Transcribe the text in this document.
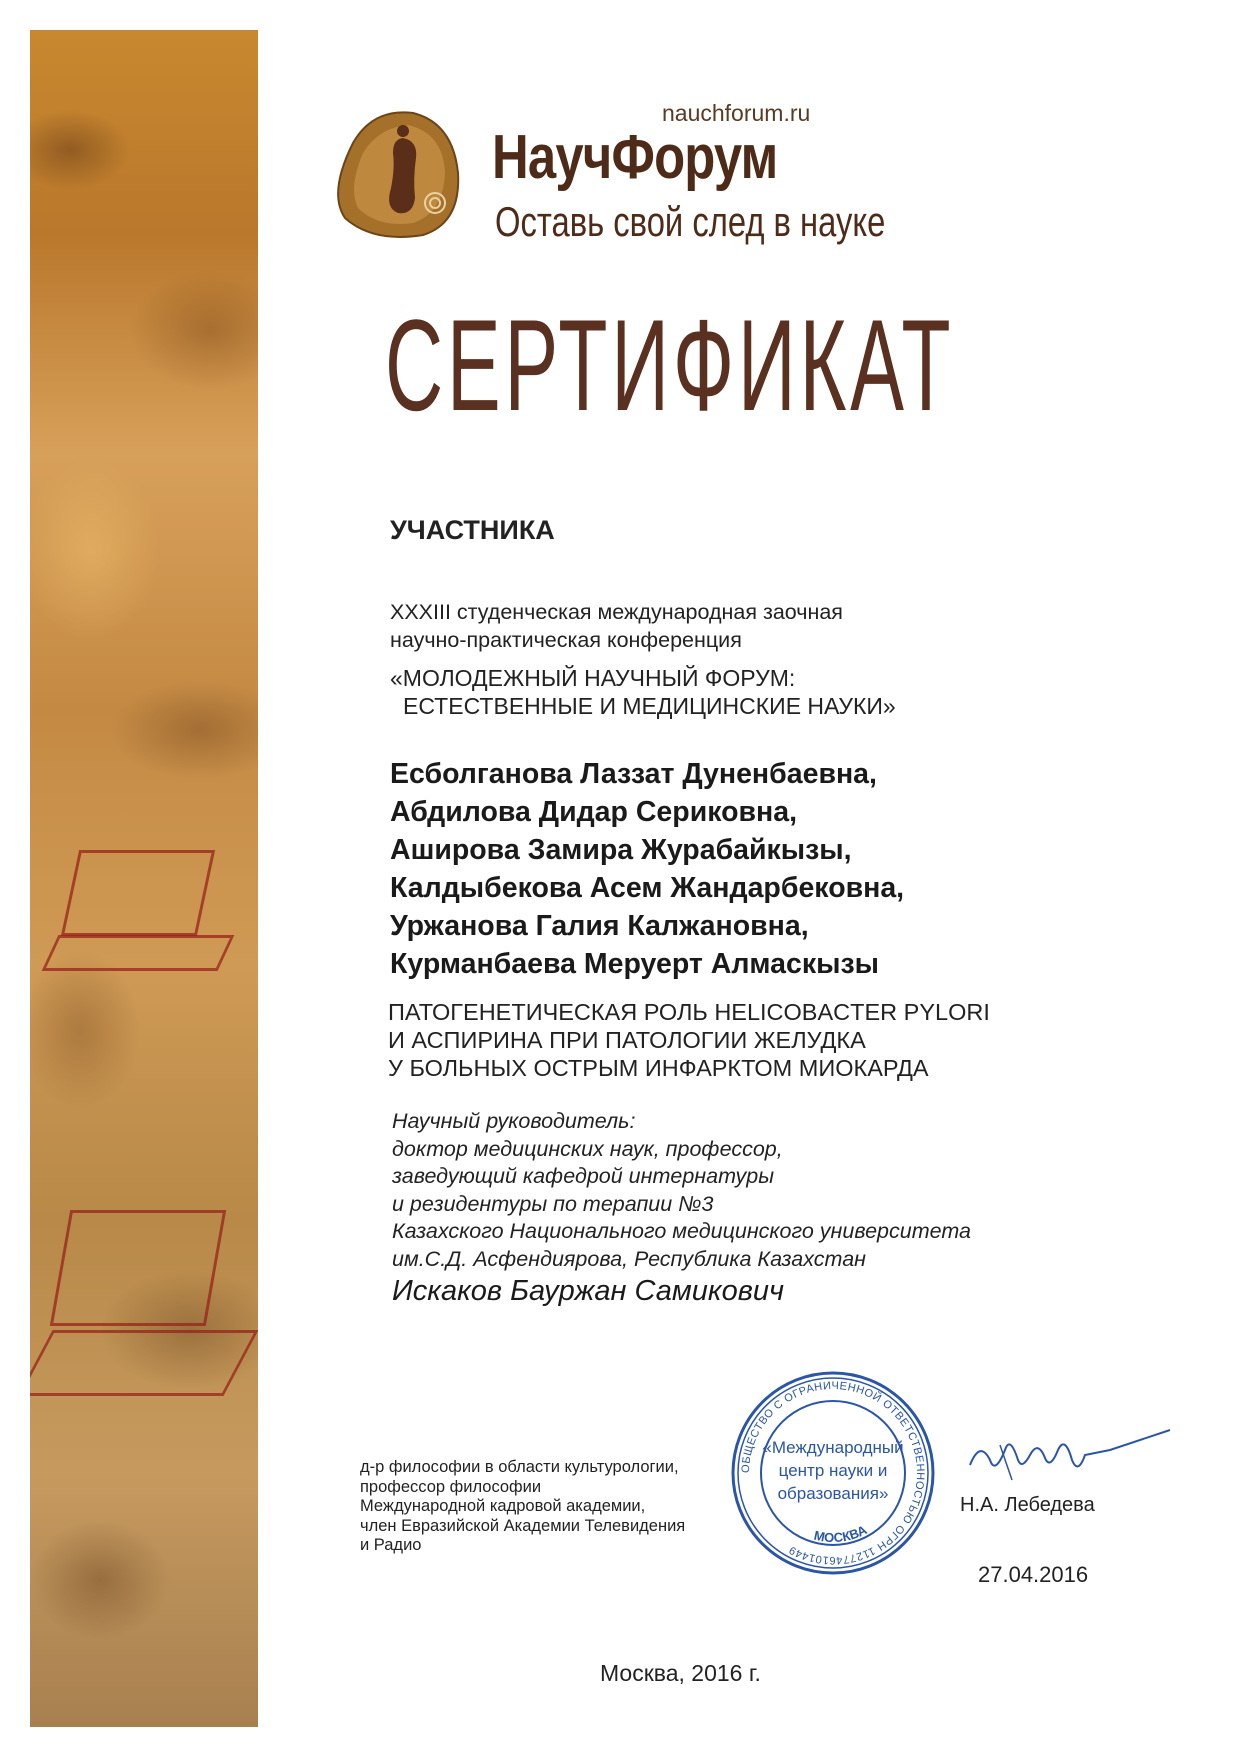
nauchforum.ru
НаучФорум
Оставь свой след в науке
СЕРТИФИКАТ
УЧАСТНИКА
XXXIII студенческая международная заочная
научно-практическая конференция
«МОЛОДЕЖНЫЙ НАУЧНЫЙ ФОРУМ:
ЕСТЕСТВЕННЫЕ И МЕДИЦИНСКИЕ НАУКИ»
Есболганова Лаззат Дуненбаевна,
Абдилова Дидар Сериковна,
Аширова Замира Журабайкызы,
Калдыбекова Асем Жандарбековна,
Уржанова Галия Калжановна,
Курманбаева Меруерт Алмаскызы
ПАТОГЕНЕТИЧЕСКАЯ РОЛЬ HELICOBACTER PYLORI
И АСПИРИНА ПРИ ПАТОЛОГИИ ЖЕЛУДКА
У БОЛЬНЫХ ОСТРЫМ ИНФАРКТОМ МИОКАРДА
Научный руководитель:
доктор медицинских наук, профессор,
заведующий кафедрой интернатуры
и резидентуры по терапии №3
Казахского Национального медицинского университета
им.С.Д. Асфендиярова, Республика Казахстан
Искаков Бауржан Самикович
д-р философии в области культурологии,
профессор философии
Международной кадровой академии,
член Евразийской Академии Телевидения
и Радио
ОБЩЕСТВО С ОГРАНИЧЕННОЙ ОТВЕТСТВЕННОСТЬЮ ОГРН 1127746101449
МОСКВА
«Международный
центр науки и
образования»
Н.А. Лебедева
27.04.2016
Москва, 2016 г.
